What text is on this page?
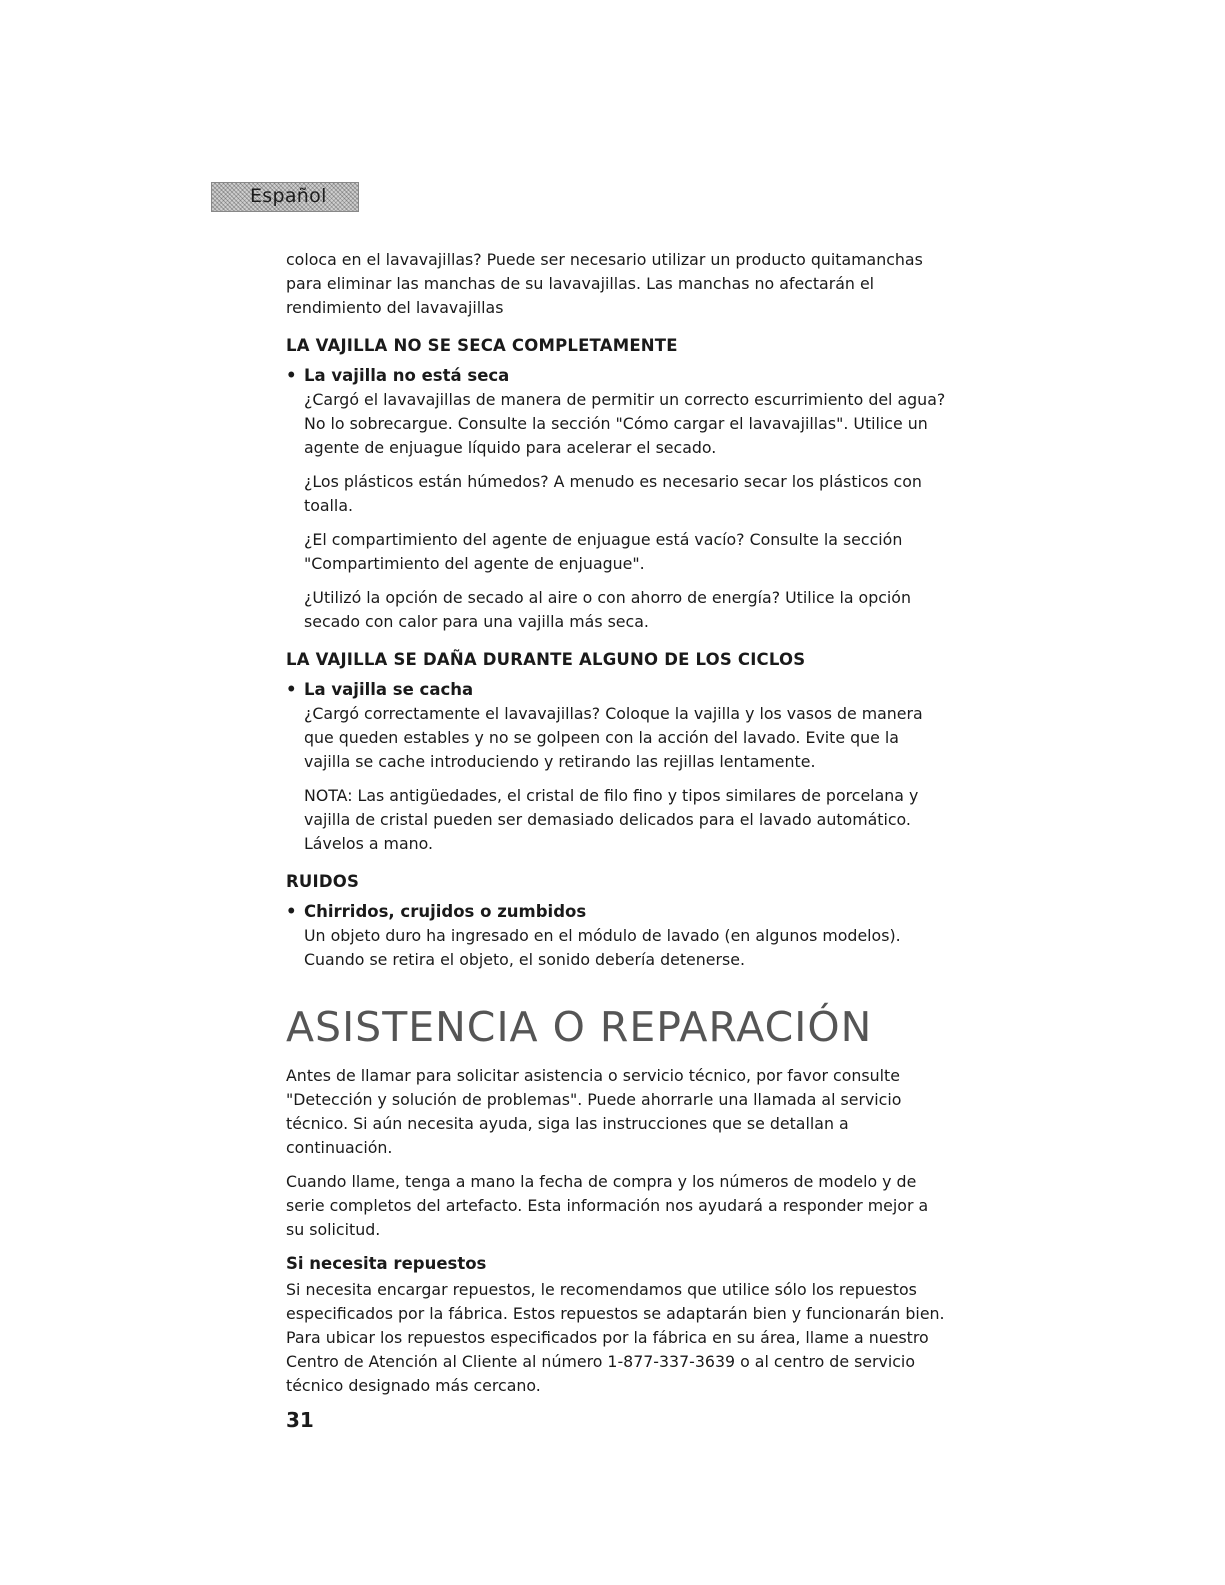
Español

coloca en el lavavajillas? Puede ser necesario utilizar un producto quitamanchas para eliminar las manchas de su lavavajillas. Las manchas no afectarán el rendimiento del lavavajillas

LA VAJILLA NO SE SECA COMPLETAMENTE

• La vajilla no está seca

¿Cargó el lavavajillas de manera de permitir un correcto escurrimiento del agua? No lo sobrecargue. Consulte la sección "Cómo cargar el lavavajillas". Utilice un agente de enjuague líquido para acelerar el secado.

¿Los plásticos están húmedos? A menudo es necesario secar los plásticos con toalla.

¿El compartimiento del agente de enjuague está vacío? Consulte la sección "Compartimiento del agente de enjuague".

¿Utilizó la opción de secado al aire o con ahorro de energía? Utilice la opción secado con calor para una vajilla más seca.

LA VAJILLA SE DAÑA DURANTE ALGUNO DE LOS CICLOS

• La vajilla se cacha

¿Cargó correctamente el lavavajillas? Coloque la vajilla y los vasos de manera que queden estables y no se golpeen con la acción del lavado. Evite que la vajilla se cache introduciendo y retirando las rejillas lentamente.

NOTA: Las antigüedades, el cristal de filo fino y tipos similares de porcelana y vajilla de cristal pueden ser demasiado delicados para el lavado automático. Lávelos a mano.

RUIDOS

• Chirridos, crujidos o zumbidos

Un objeto duro ha ingresado en el módulo de lavado (en algunos modelos). Cuando se retira el objeto, el sonido debería detenerse.

ASISTENCIA O REPARACIÓN

Antes de llamar para solicitar asistencia o servicio técnico, por favor consulte "Detección y solución de problemas". Puede ahorrarle una llamada al servicio técnico. Si aún necesita ayuda, siga las instrucciones que se detallan a continuación.

Cuando llame, tenga a mano la fecha de compra y los números de modelo y de serie completos del artefacto. Esta información nos ayudará a responder mejor a su solicitud.

Si necesita repuestos

Si necesita encargar repuestos, le recomendamos que utilice sólo los repuestos especificados por la fábrica. Estos repuestos se adaptarán bien y funcionarán bien. Para ubicar los repuestos especificados por la fábrica en su área, llame a nuestro Centro de Atención al Cliente al número 1-877-337-3639 o al centro de servicio técnico designado más cercano.

31
